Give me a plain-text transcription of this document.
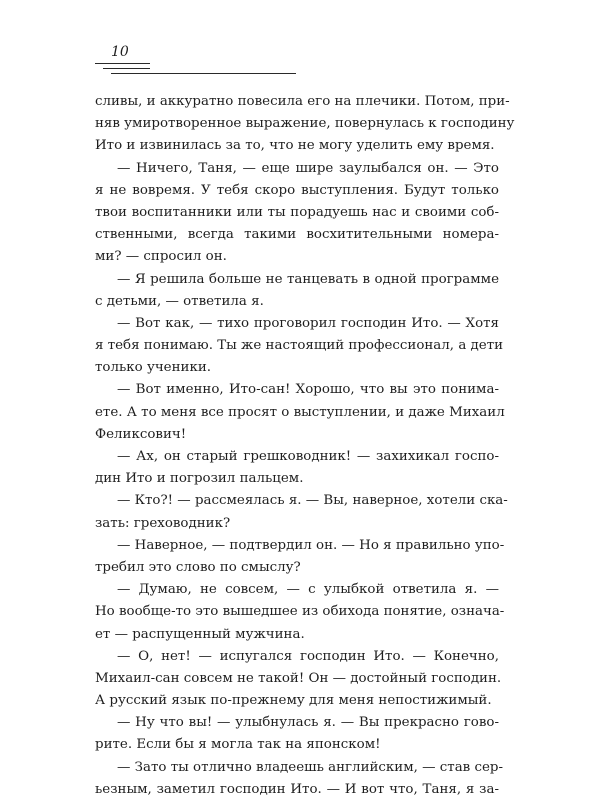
10
сливы, и аккуратно повесила его на плечики. Потом, при-
няв умиротворенное выражение, повернулась к господину
Ито и извинилась за то, что не могу уделить ему время.
— Ничего, Таня, — еще шире заулыбался он. — Это
я не вовремя. У тебя скоро выступления. Будут только
твои воспитанники или ты порадуешь нас и своими соб-
ственными, всегда такими восхитительными номера-
ми? — спросил он.
— Я решила больше не танцевать в одной программе
с детьми, — ответила я.
— Вот как, — тихо проговорил господин Ито. — Хотя
я тебя понимаю. Ты же настоящий профессионал, а дети
только ученики.
— Вот именно, Ито-сан! Хорошо, что вы это понима-
ете. А то меня все просят о выступлении, и даже Михаил
Феликсович!
— Ах, он старый грешководник! — захихикал госпо-
дин Ито и погрозил пальцем.
— Кто?! — рассмеялась я. — Вы, наверное, хотели ска-
зать: греховодник?
— Наверное, — подтвердил он. — Но я правильно упо-
требил это слово по смыслу?
— Думаю, не совсем, — с улыбкой ответила я. —
Но вообще-то это вышедшее из обихода понятие, означа-
ет — распущенный мужчина.
— О, нет! — испугался господин Ито. — Конечно,
Михаил-сан совсем не такой! Он — достойный господин.
А русский язык по-прежнему для меня непостижимый.
— Ну что вы! — улыбнулась я. — Вы прекрасно гово-
рите. Если бы я могла так на японском!
— Зато ты отлично владеешь английским, — став сер-
ьезным, заметил господин Ито. — И вот что, Таня, я за-
